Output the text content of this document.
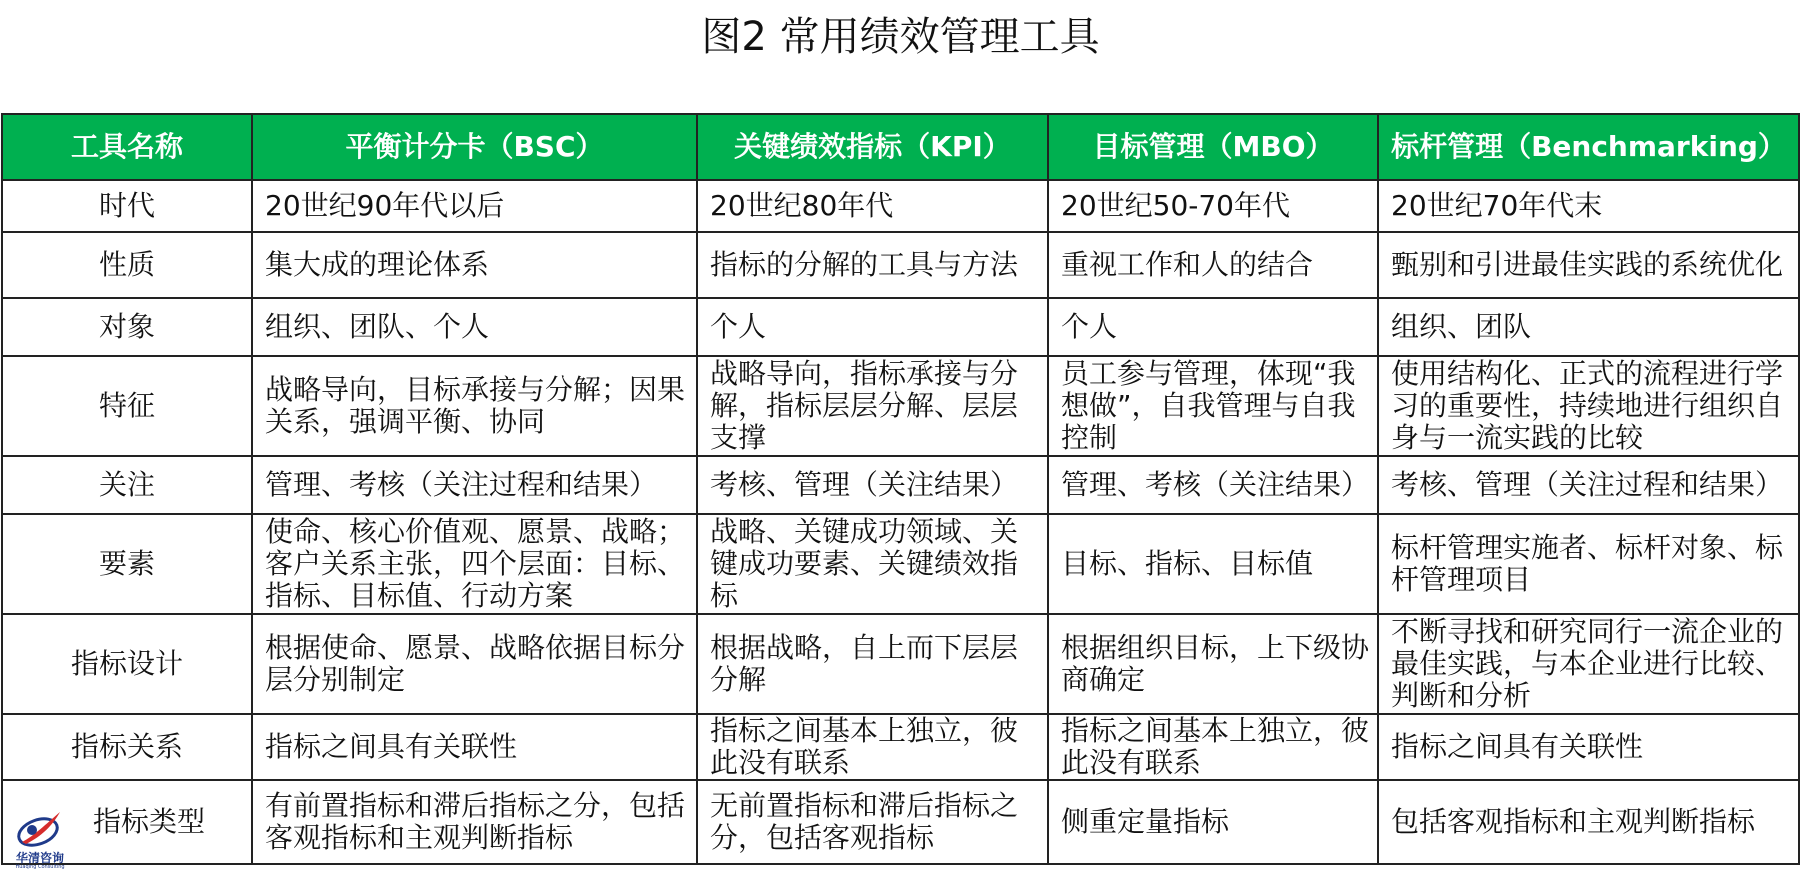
图2 常用绩效管理工具
工具名称	平衡计分卡（BSC）	关键绩效指标（KPI）	目标管理（MBO）	标杆管理（Benchmarking）
时代	20世纪90年代以后	20世纪80年代	20世纪50-70年代	20世纪70年代末
性质	集大成的理论体系	指标的分解的工具与方法	重视工作和人的结合	甄别和引进最佳实践的系统优化
对象	组织、团队、个人	个人	个人	组织、团队
特征	战略导向，目标承接与分解；因果关系，强调平衡、协同	战略导向，指标承接与分解，指标层层分解、层层支撑	员工参与管理，体现“我想做”，自我管理与自我控制	使用结构化、正式的流程进行学习的重要性，持续地进行组织自身与一流实践的比较
关注	管理、考核（关注过程和结果）	考核、管理（关注结果）	管理、考核（关注结果）	考核、管理（关注过程和结果）
要素	使命、核心价值观、愿景、战略；客户关系主张，四个层面：目标、指标、目标值、行动方案	战略、关键成功领域、关键成功要素、关键绩效指标	目标、指标、目标值	标杆管理实施者、标杆对象、标杆管理项目
指标设计	根据使命、愿景、战略依据目标分层分别制定	根据战略，自上而下层层分解	根据组织目标，上下级协商确定	不断寻找和研究同行一流企业的最佳实践，与本企业进行比较、判断和分析
指标关系	指标之间具有关联性	指标之间基本上独立，彼此没有联系	指标之间基本上独立，彼此没有联系	指标之间具有关联性
指标类型	有前置指标和滞后指标之分，包括客观指标和主观判断指标	无前置指标和滞后指标之分，包括客观指标	侧重定量指标	包括客观指标和主观判断指标
华清咨询
Huaqing Consulting
